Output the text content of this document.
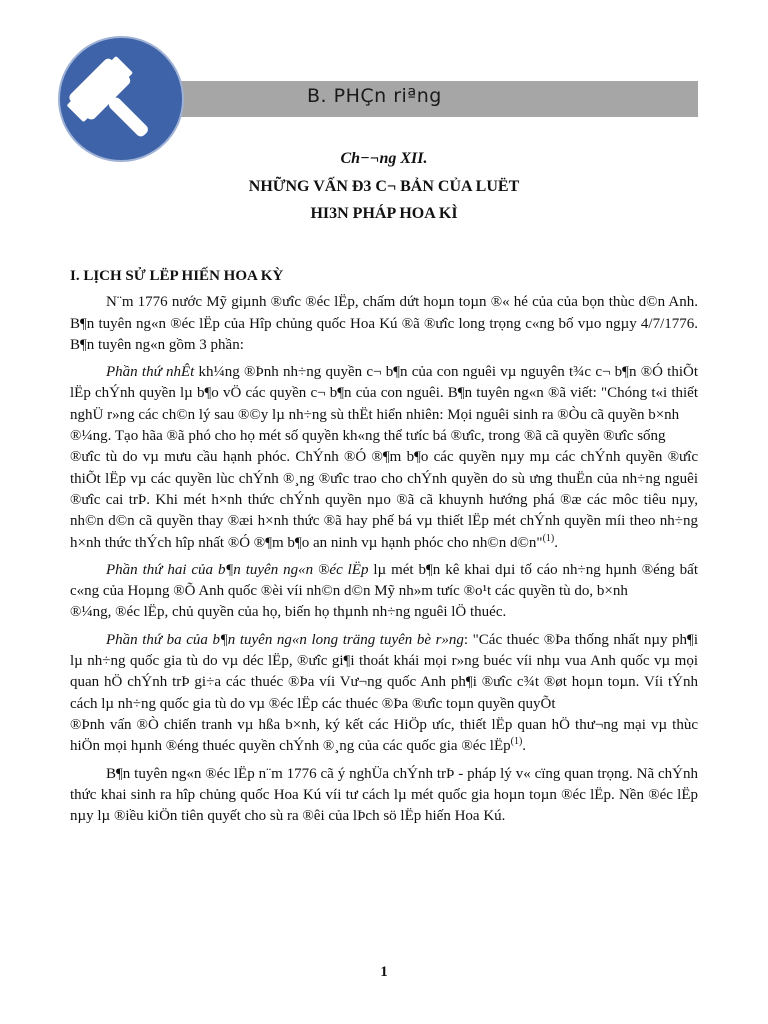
B. PHÇn riªng
Ch−¬ng XII.
NHỮNG VẤN Đ3 C¬ BẢN CỦA LUËT
HI3N PHÁP HOA KÌ

I. LỊCH SỬ LËP HIẾN HOA KỲ

N¨m 1776 nước Mỹ giµnh ®ưîc ®éc lËp, chấm dứt hoµn toµn ®« hé của của bọn thùc d©n Anh. B¶n tuyên ng«n ®éc lËp của Hîp chủng quốc Hoa Kú ®ã ®ưîc long trọng c«ng bố vµo ngµy 4/7/1776. B¶n tuyên ng«n gồm 3 phần:

Phần thứ nhÊt kh¼ng ®Þnh nh÷ng quyền c¬ b¶n của con nguêi vµ nguyên t¾c c¬ b¶n ®Ó thiÕt lËp chÝnh quyền lµ b¶o vÖ các quyền c¬ b¶n của con nguêi. B¶n tuyên ng«n ®ã viết: "Chóng t«i thiết nghÜ r»ng các ch©n lý sau ®©y lµ nh÷ng sù thËt hiển nhiên: Mọi nguêi sinh ra ®Òu cã quyền b×nh

®¼ng. Tạo hãa ®ã phó cho họ mét số quyền kh«ng thể tưíc bá ®ưîc, trong ®ã cã quyền ®ưîc sống

®ưîc tù do vµ mưu cầu hạnh phóc. ChÝnh ®Ó ®¶m b¶o các quyền nµy mµ các chÝnh quyền ®ưîc thiÕt lËp vµ các quyền lùc chÝnh ®¸ng ®ưîc trao cho chÝnh quyền do sù ưng thuËn của nh÷ng nguêi ®ưîc cai trÞ. Khi mét h×nh thức chÝnh quyền nµo ®ã cã khuynh hướng phá ®æ các môc tiêu nµy, nh©n d©n cã quyền thay ®æi h×nh thức ®ã hay phế bá vµ thiết lËp mét chÝnh quyền míi theo nh÷ng h×nh thức thÝch hîp nhất ®Ó ®¶m b¶o an ninh vµ hạnh phóc cho nh©n d©n"$^{(1)}$.

Phần thứ hai của b¶n tuyên ng«n ®éc lËp lµ mét b¶n kê khai dµi tố cáo nh÷ng hµnh ®éng bất c«ng của Hoµng ®Õ Anh quốc ®èi víi nh©n d©n Mỹ nh»m tưíc ®o¹t các quyền tù do, b×nh

®¼ng, ®éc lËp, chủ quyền của họ, biến họ thµnh nh÷ng nguêi lÖ thuéc.

Phần thứ ba của b¶n tuyên ng«n long träng tuyên bè r»ng: "Các thuéc ®Þa thống nhất nµy ph¶i lµ nh÷ng quốc gia tù do vµ déc lËp, ®ưîc gi¶i thoát khái mọi r»ng buéc víi nhµ vua Anh quốc vµ mọi quan hÖ chÝnh trÞ gi÷a các thuéc ®Þa víi Vư¬ng quốc Anh ph¶i ®ưîc c¾t ®øt hoµn toµn. Víi tÝnh cách lµ nh÷ng quốc gia tù do vµ ®éc lËp các thuéc ®Þa ®ưîc toµn quyền quyÕt

®Þnh vấn ®Ò chiến tranh vµ hßa b×nh, ký kết các HiÖp ưíc, thiết lËp quan hÖ thư¬ng mại vµ thùc hiÖn mọi hµnh ®éng thuéc quyền chÝnh ®¸ng của các quốc gia ®éc lËp$^{(1)}$.

B¶n tuyên ng«n ®éc lËp n¨m 1776 cã ý nghÜa chÝnh trÞ - pháp lý v« cïng quan trọng. Nã chÝnh thức khai sinh ra hîp chủng quốc Hoa Kú víi tư cách lµ mét quốc gia hoµn toµn ®éc lËp. Nền ®éc lËp nµy lµ ®iều kiÖn tiên quyết cho sù ra ®êi của lÞch sö lËp hiến Hoa Kú.

1
